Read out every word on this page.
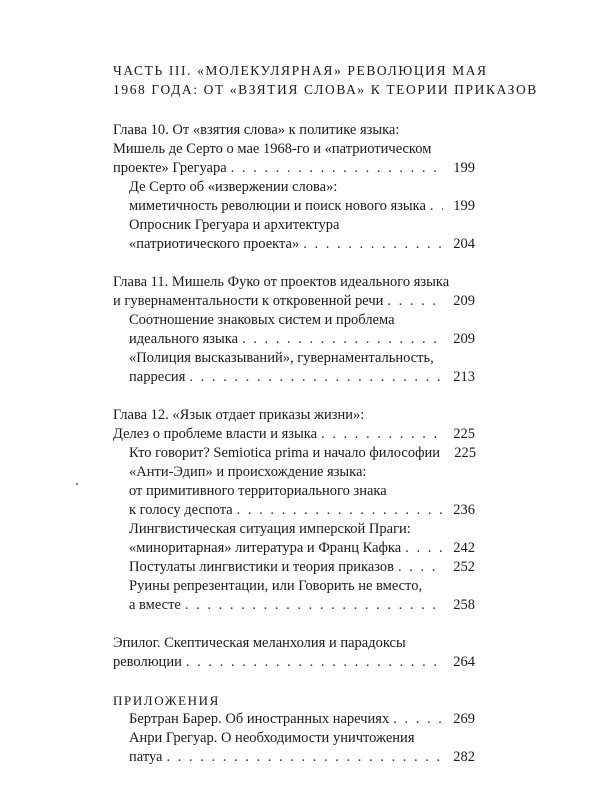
ЧАСТЬ III. «МОЛЕКУЛЯРНАЯ» РЕВОЛЮЦИЯ МАЯ
1968 ГОДА: ОТ «ВЗЯТИЯ СЛОВА» К ТЕОРИИ ПРИКАЗОВ
Глава 10. От «взятия слова» к политике языка:
Мишель де Серто о мае 1968-го и «патриотическом
проекте» Грегуара . . .	199
Де Серто об «извержении слова»:
миметичность революции и поиск нового языка . . . 199
Опросник Грегуара и архитектура
«патриотического проекта» . . .	204
Глава 11. Мишель Фуко от проектов идеального языка
и гувернаментальности к откровенной речи . . .	209
Соотношение знаковых систем и проблема
идеального языка . . .	209
«Полиция высказываний», гувернаментальность,
парресия . . .	213
Глава 12. «Язык отдает приказы жизни»:
Делез о проблеме власти и языка . . .	225
Кто говорит? Semiotica prima и начало философии 225
«Анти-Эдип» и происхождение языка:
от примитивного территориального знака
к голосу деспота . . .	236
Лингвистическая ситуация имперской Праги:
«миноритарная» литература и Франц Кафка . . .	242
Постулаты лингвистики и теория приказов . . .	252
Руины репрезентации, или Говорить не вместо,
а вместе . . .	258
Эпилог. Скептическая меланхолия и парадоксы
революции . . .	264
ПРИЛОЖЕНИЯ
Бертран Барер. Об иностранных наречиях . . .	269
Анри Грегуар. О необходимости уничтожения
патуа . . .	282
